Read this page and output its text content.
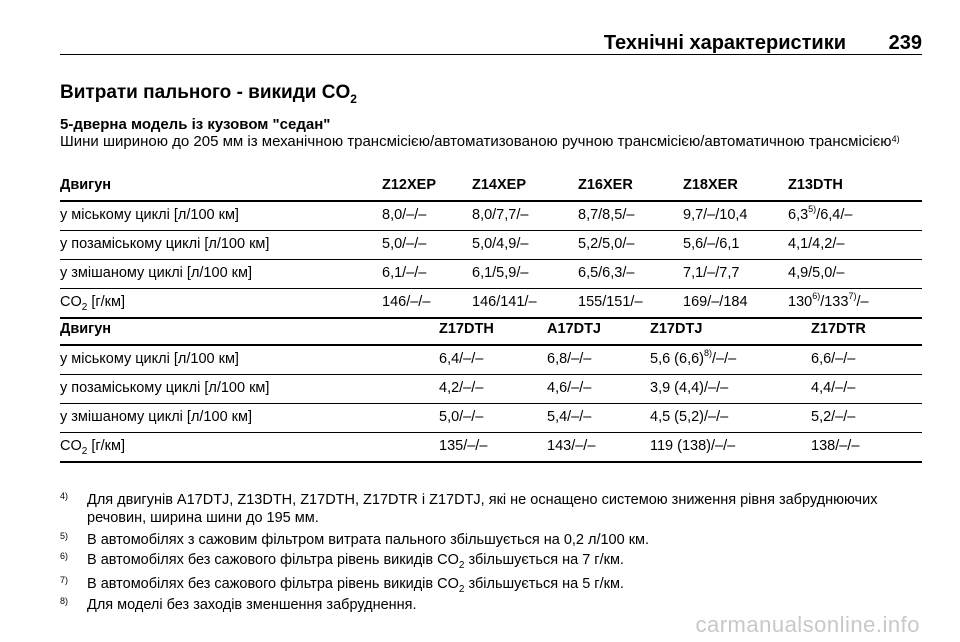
Технічні характеристики 239
Витрати пального - викиди $CO_2$
5-дверна модель із кузовом "седан"
Шини шириною до 205 мм із механічною трансмісією/автоматизованою ручною трансмісією/автоматичною трансмісією$^{4)}$
Двигун	Z12XEP Z14XEP	Z16XER	Z18XER	Z13DTH
у міському циклі [л/100 км]	8,0/–/–	8,0/7,7/–	8,7/8,5/–	9,7/–/10,4	6,3$^{5)}$/6,4/–
у позаміському циклі [л/100 км]	5,0/–/–	5,0/4,9/–	5,2/5,0/–	5,6/–/6,1	4,1/4,2/–
у змішаному циклі [л/100 км]	6,1/–/–	6,1/5,9/–	6,5/6,3/–	7,1/–/7,7	4,9/5,0/–
$CO_2$ [г/км]	146/–/–	146/141/–	155/151/–	169/–/184	130$^{6)}$/133$^{7)}$/–
Двигун	Z17DTH	A17DTJ	Z17DTJ	Z17DTR
у міському циклі [л/100 км]	6,4/–/–	6,8/–/–	5,6 $(6,6)^{8)}/-/-$	6,6/–/–
у позаміському циклі [л/100 км]	4,2/–/–	4,6/–/–	3,9 (4,4)/–/–	4,4/–/–
у змішаному циклі [л/100 км]	5,0/–/–	5,4/–/–	4,5 (5,2)/–/–	5,2/–/–
$CO_2$ [г/км]	135/–/–	143/–/–	119 (138)/–/–	138/–/–
4) Для двигунів A17DTJ, Z13DTH, Z17DTH, Z17DTR і Z17DTJ, які не оснащено системою зниження рівня забруднюючих речовин, ширина шини до 195 мм.
5) В автомобілях з сажовим фільтром витрата пального збільшується на 0,2 л/100 км.
6) В автомобілях без сажового фільтра рівень викидів $CO_2$ збільшується на 7 г/км.
7) В автомобілях без сажового фільтра рівень викидів $CO_2$ збільшується на 5 г/км.
8) Для моделі без заходів зменшення забруднення.
carmanualsonline.info
